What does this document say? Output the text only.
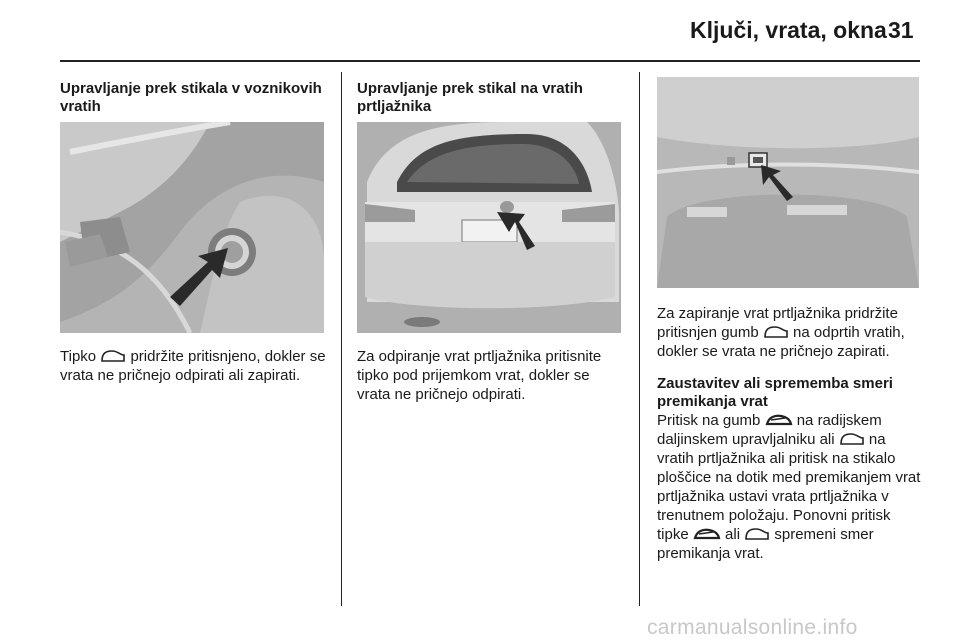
Ključi, vrata, okna 31
Upravljanje prek stikala v voznikovih vratih

Tipko  pridržite pritisnjeno, dokler se vrata ne pričnejo odpirati ali zapirati.

Upravljanje prek stikal na vratih prtljažnika

Za odpiranje vrat prtljažnika pritisnite tipko pod prijemkom vrat, dokler se vrata ne pričnejo odpirati.

Za zapiranje vrat prtljažnika pridržite pritisnjen gumb  na odprtih vratih, dokler se vrata ne pričnejo zapirati.

Zaustavitev ali sprememba smeri premikanja vrat

Pritisk na gumb  na radijskem daljinskem upravljalniku ali  na vratih prtljažnika ali pritisk na stikalo ploščice na dotik med premikanjem vrat prtljažnika ustavi vrata prtljažnika v trenutnem položaju. Ponovni pritisk tipke  ali  spremeni smer premikanja vrat.

carmanualsonline.info
